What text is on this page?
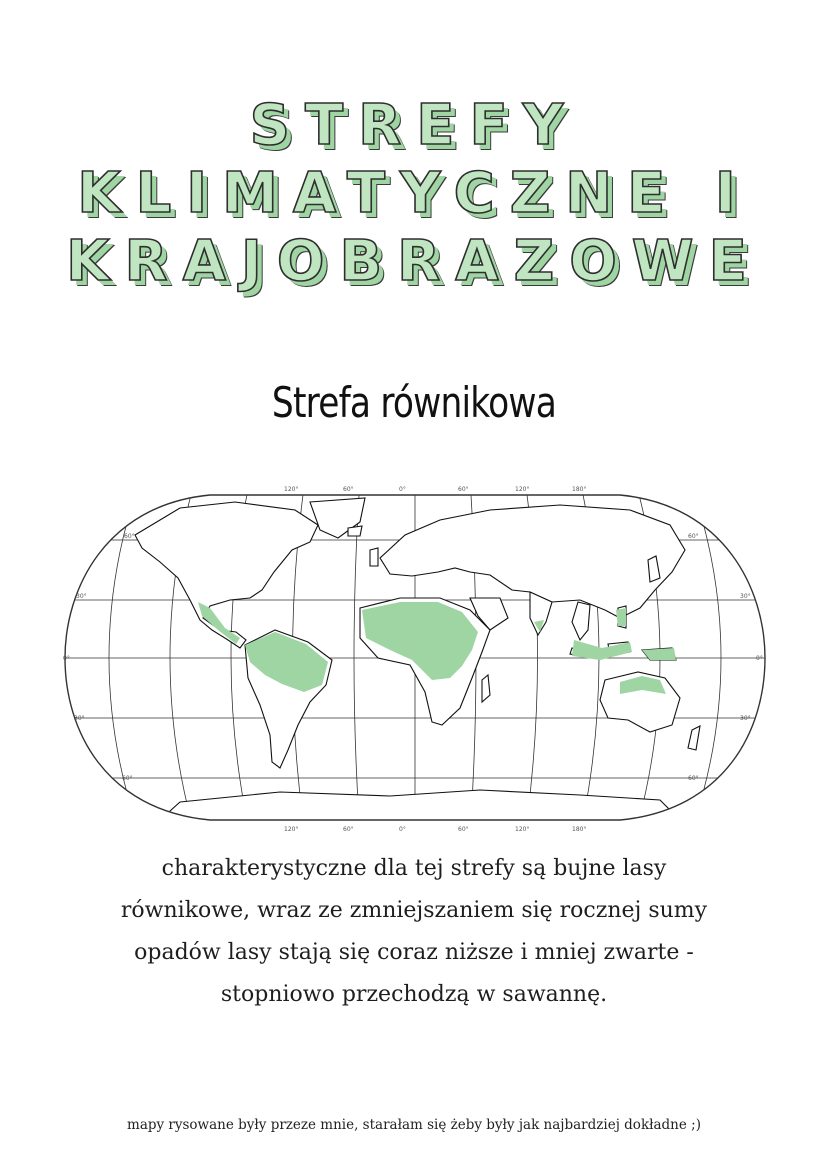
STREFY
KLIMATYCZNE I
KRAJOBRAZOWE
Strefa równikowa
120°	60°	0°	60°	120°	180°
120°	60°	0°	60°	120°	180°
60°
30°
0°
30°
60°
60°
30°
0°
30°
60°
charakterystyczne dla tej strefy są bujne lasy równikowe, wraz ze zmniejszaniem się rocznej sumy opadów lasy stają się coraz niższe i mniej zwarte - stopniowo przechodzą w sawannę.
mapy rysowane były przeze mnie, starałam się żeby były jak najbardziej dokładne ;)
